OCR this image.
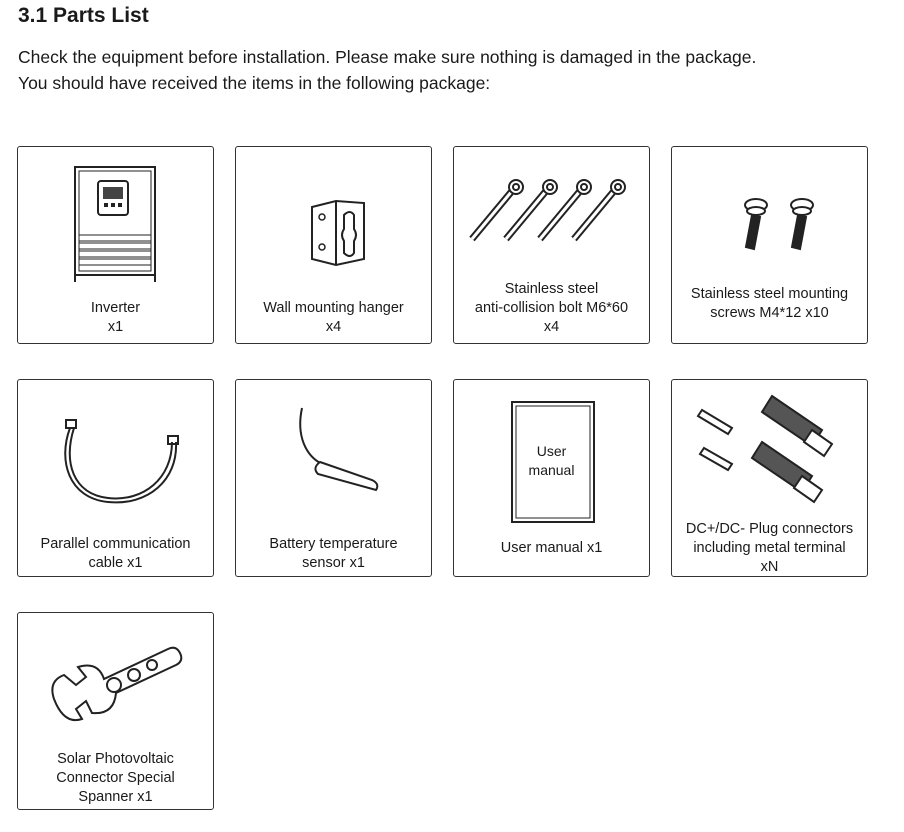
3.1 Parts List
Check the equipment before installation. Please make sure nothing is damaged in the package.
You should have received the items in the following package:
Inverter
x1
Wall mounting hanger
x4
Stainless steel
anti-collision bolt M6*60
x4
Stainless steel mounting
screws M4*12 x10
Parallel communication
cable x1
Battery temperature
sensor x1
User
manual
User manual x1
DC+/DC- Plug connectors
including metal terminal
xN
Solar Photovoltaic
Connector Special
Spanner x1
